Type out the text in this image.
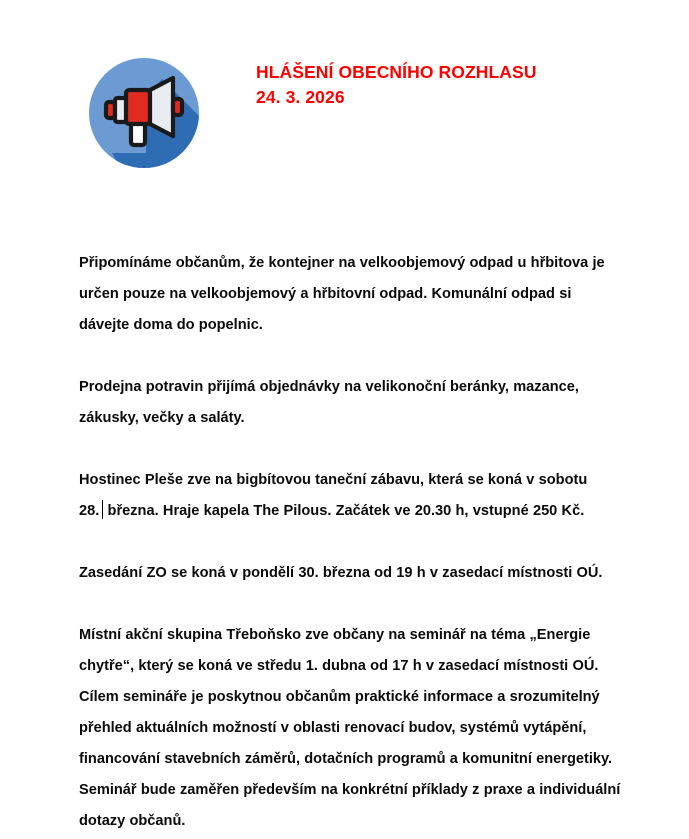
HLÁŠENÍ OBECNÍHO ROZHLASU
24. 3. 2026

Připomínáme občanům, že kontejner na velkoobjemový odpad u hřbitova je určen pouze na velkoobjemový a hřbitovní odpad. Komunální odpad si dávejte doma do popelnic.

Prodejna potravin přijímá objednávky na velikonoční beránky, mazance, zákusky, večky a saláty.

Hostinec Pleše zve na bigbítovou taneční zábavu, která se koná v sobotu 28. března. Hraje kapela The Pilous. Začátek ve 20.30 h, vstupné 250 Kč.

Zasedání ZO se koná v pondělí 30. března od 19 h v zasedací místnosti OÚ.

Místní akční skupina Třeboňsko zve občany na seminář na téma „Energie chytře“, který se koná ve středu 1. dubna od 17 h v zasedací místnosti OÚ. Cílem semináře je poskytnou občanům praktické informace a srozumitelný přehled aktuálních možností v oblasti renovací budov, systémů vytápění, financování stavebních záměrů, dotačních programů a komunitní energetiky. Seminář bude zaměřen především na konkrétní příklady z praxe a individuální dotazy občanů.
